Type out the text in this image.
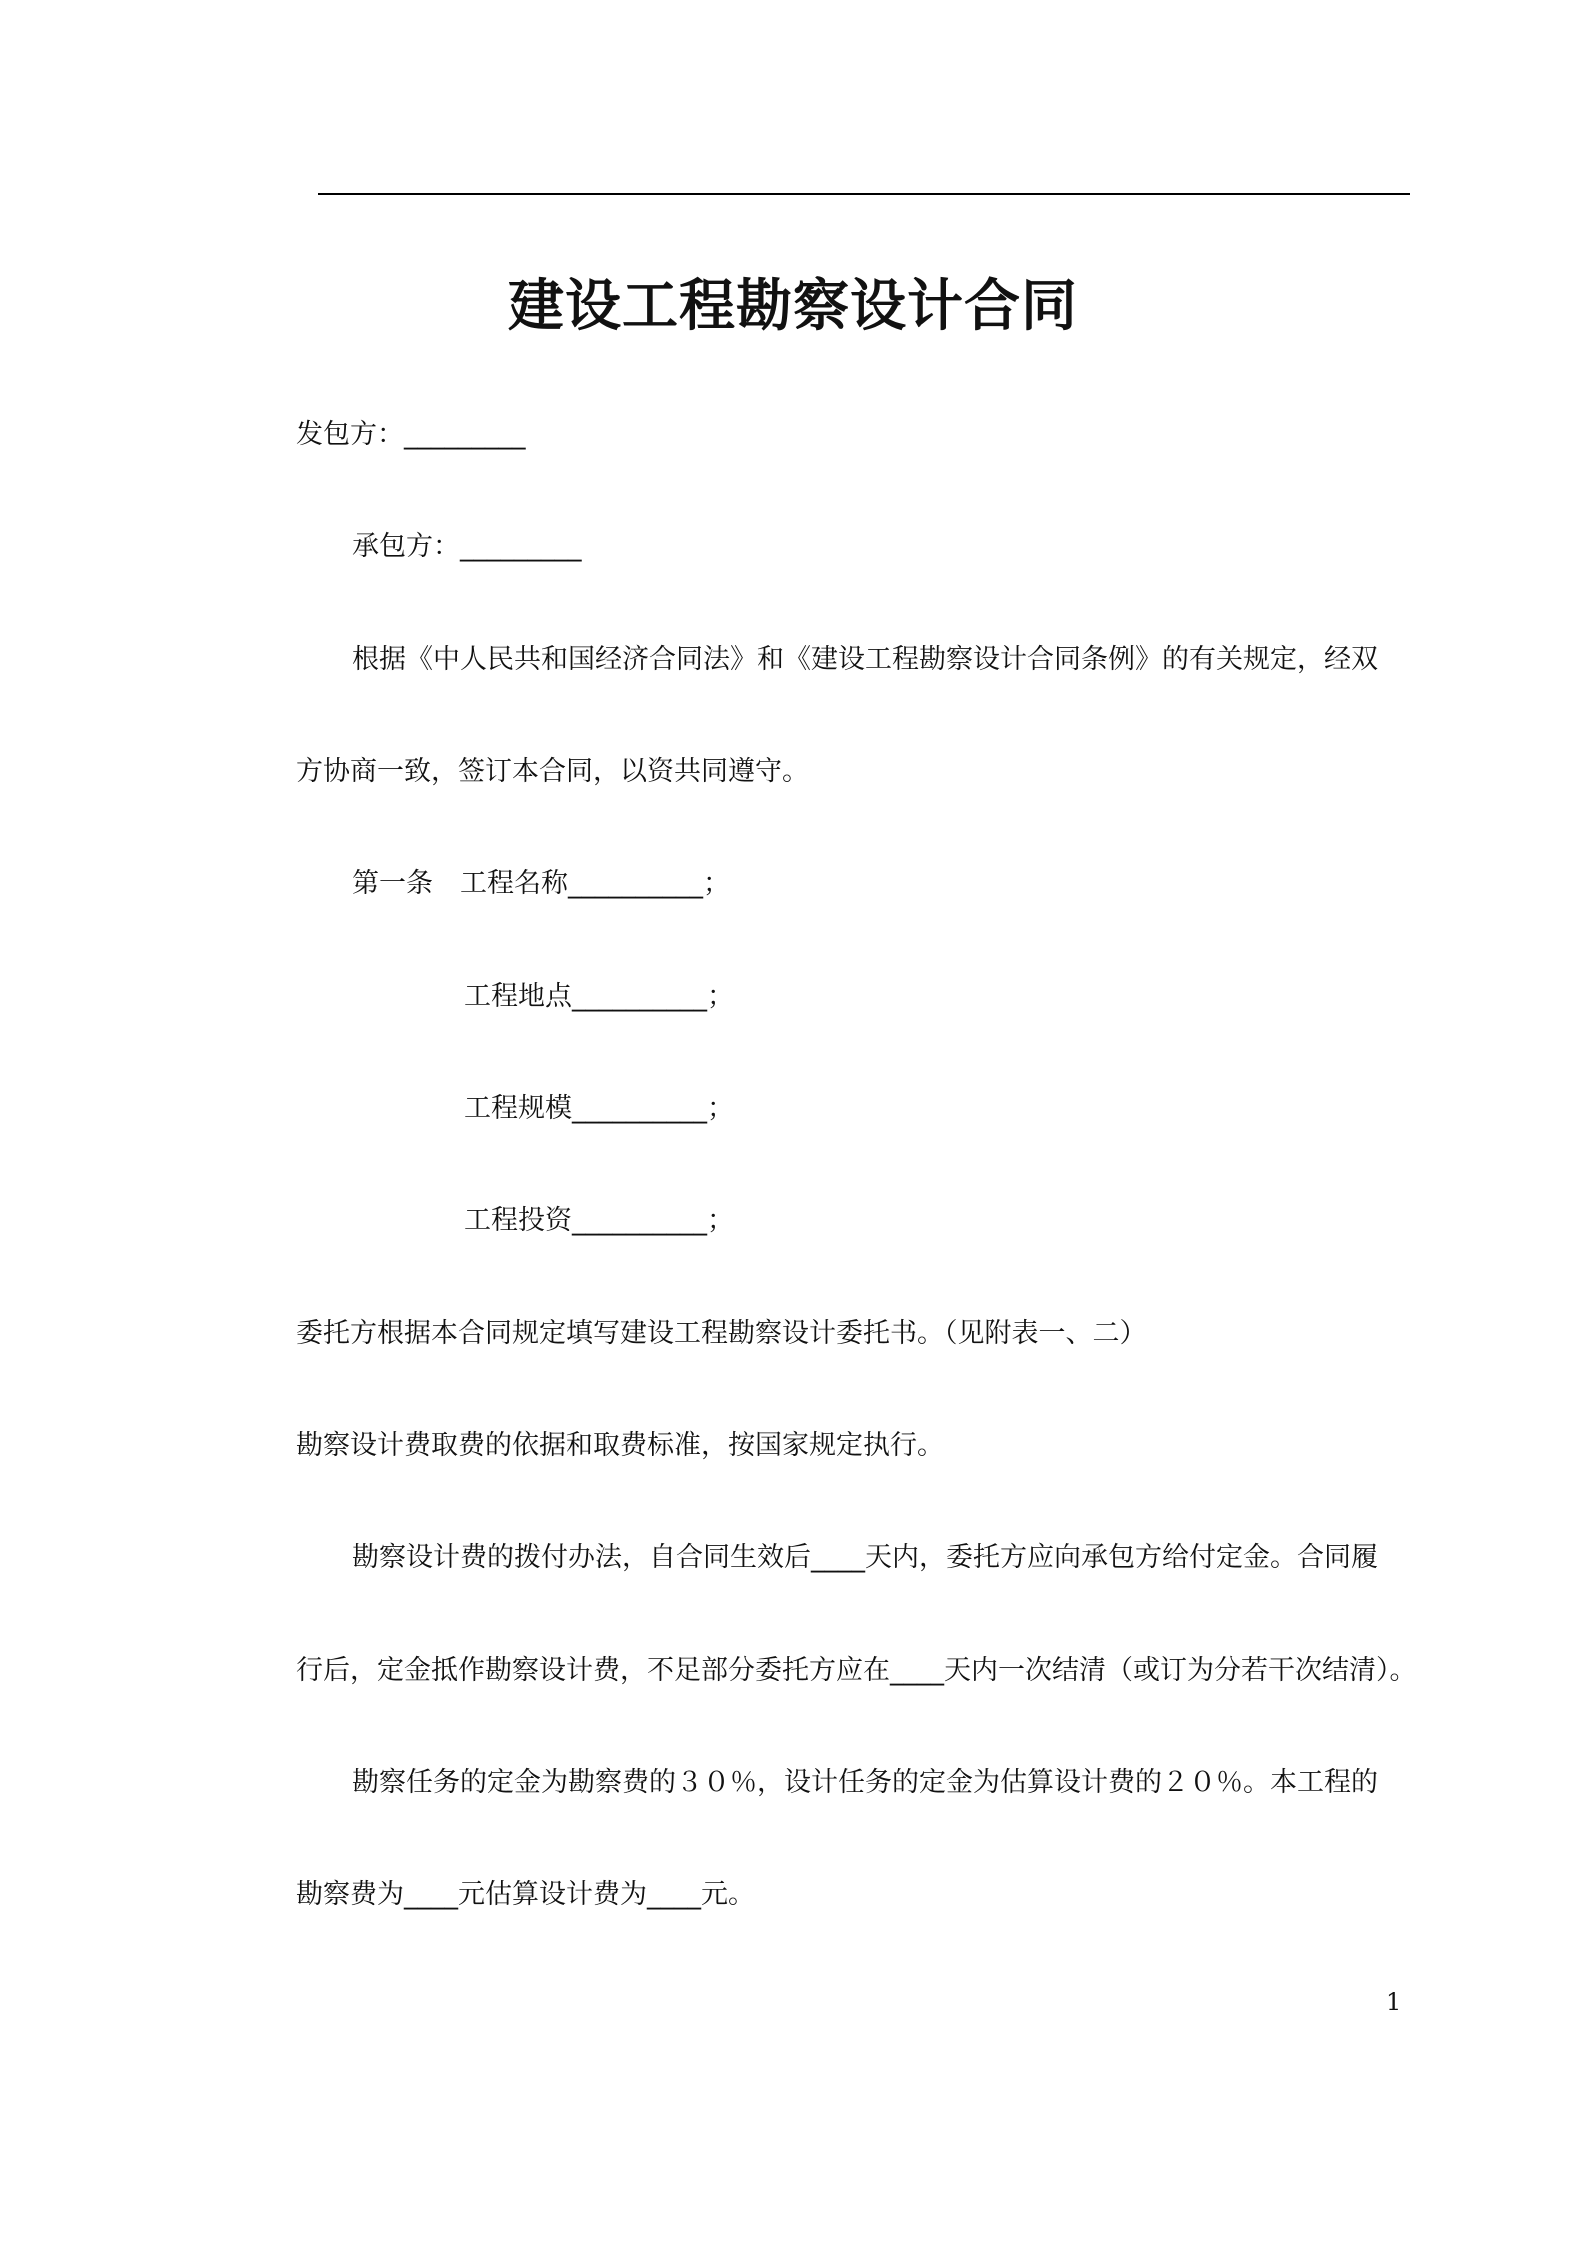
建设工程勘察设计合同
发包方：_________
承包方：_________
根据《中人民共和国经济合同法》和《建设工程勘察设计合同条例》的有关规定，经双
方协商一致，签订本合同，以资共同遵守。
第一条　工程名称__________；
工程地点__________；
工程规模__________；
工程投资__________；
委托方根据本合同规定填写建设工程勘察设计委托书。（见附表一、二）
勘察设计费取费的依据和取费标准，按国家规定执行。
勘察设计费的拨付办法，自合同生效后____天内，委托方应向承包方给付定金。合同履
行后，定金抵作勘察设计费，不足部分委托方应在____天内一次结清（或订为分若干次结清）。
勘察任务的定金为勘察费的３０％，设计任务的定金为估算设计费的２０％。本工程的
勘察费为____元估算设计费为____元。
1
